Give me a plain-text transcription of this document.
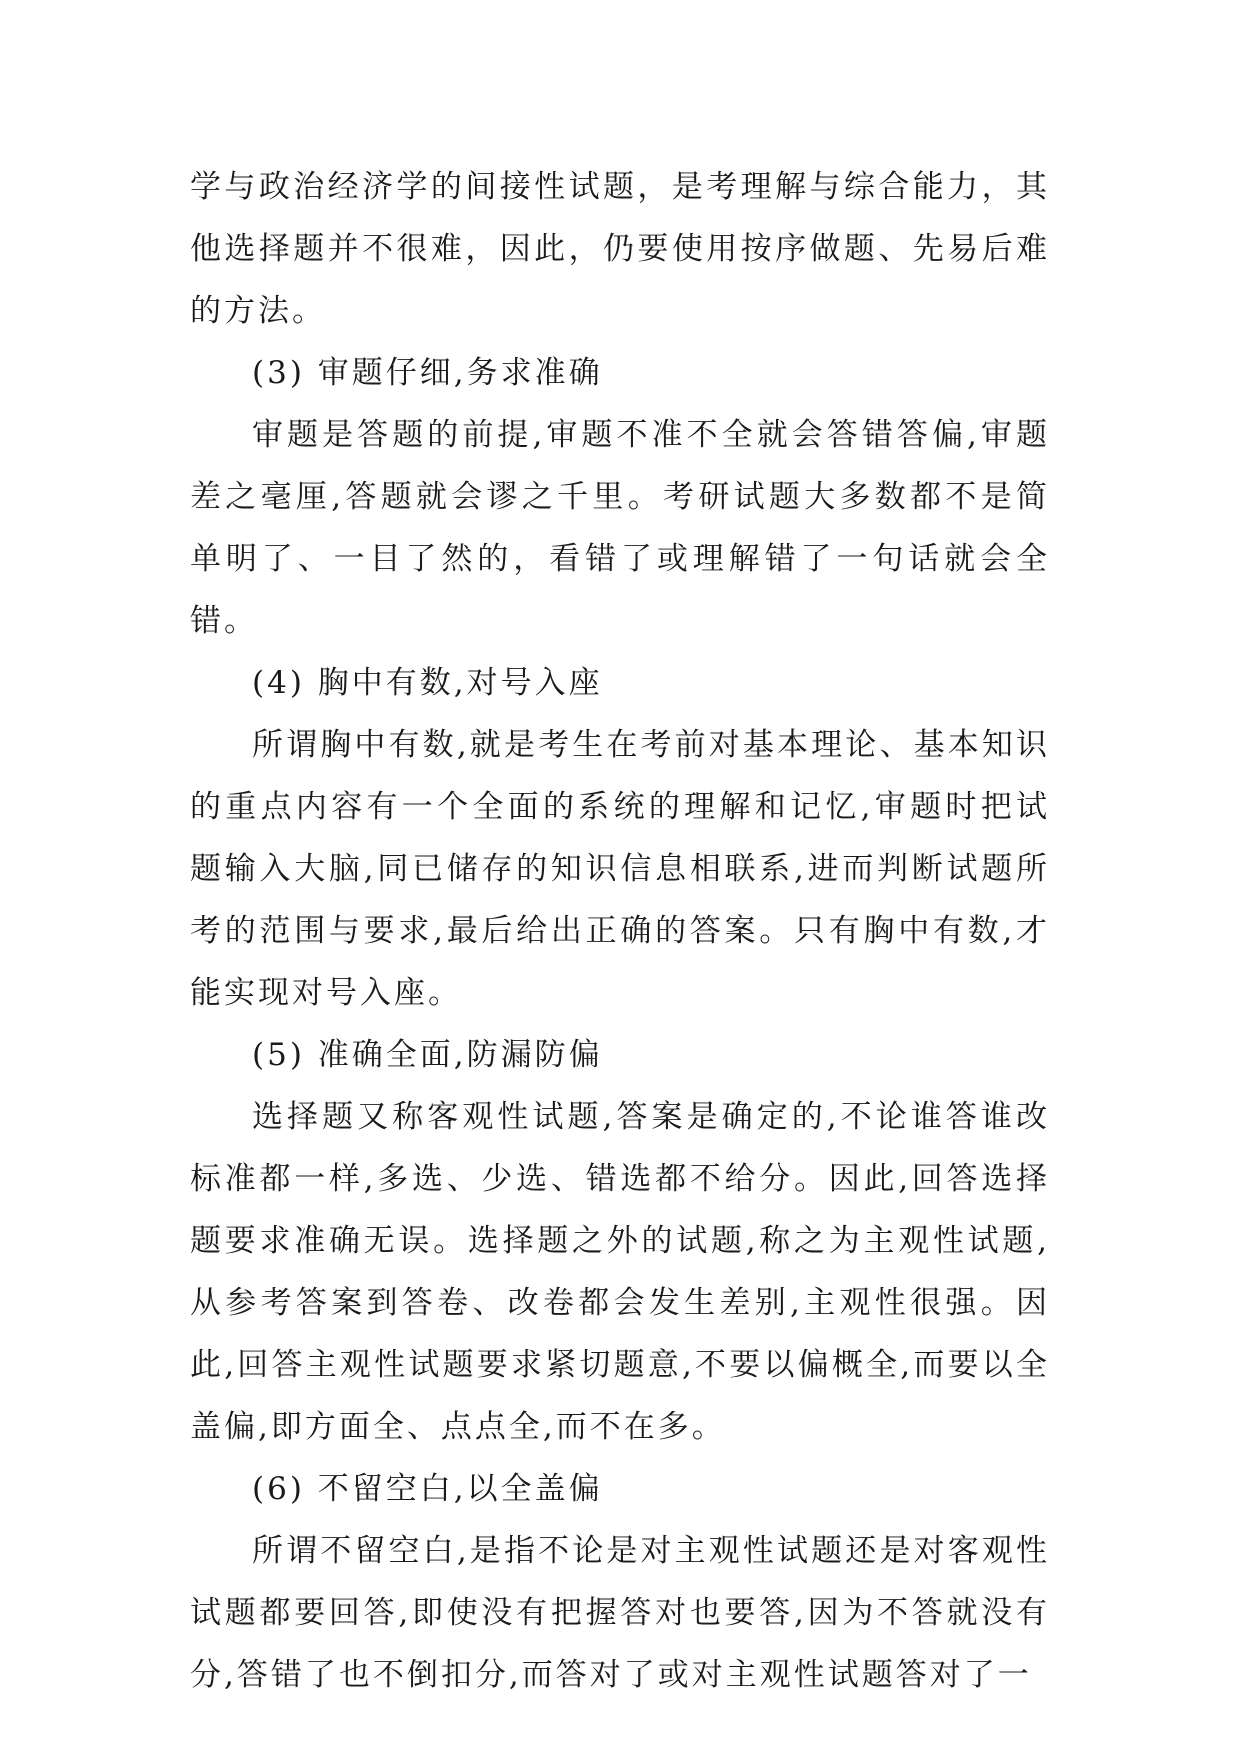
学与政治经济学的间接性试题，是考理解与综合能力，其他选择题并不很难，因此，仍要使用按序做题、先易后难的方法。

(3) 审题仔细,务求准确

审题是答题的前提,审题不准不全就会答错答偏,审题差之毫厘,答题就会谬之千里。考研试题大多数都不是简单明了、一目了然的，看错了或理解错了一句话就会全错。

(4) 胸中有数,对号入座

所谓胸中有数,就是考生在考前对基本理论、基本知识的重点内容有一个全面的系统的理解和记忆,审题时把试题输入大脑,同已储存的知识信息相联系,进而判断试题所考的范围与要求,最后给出正确的答案。只有胸中有数,才能实现对号入座。

(5) 准确全面,防漏防偏

选择题又称客观性试题,答案是确定的,不论谁答谁改标准都一样,多选、少选、错选都不给分。因此,回答选择题要求准确无误。选择题之外的试题,称之为主观性试题,从参考答案到答卷、改卷都会发生差别,主观性很强。因此,回答主观性试题要求紧切题意,不要以偏概全,而要以全盖偏,即方面全、点点全,而不在多。

(6) 不留空白,以全盖偏

所谓不留空白,是指不论是对主观性试题还是对客观性试题都要回答,即使没有把握答对也要答,因为不答就没有分,答错了也不倒扣分,而答对了或对主观性试题答对了一
